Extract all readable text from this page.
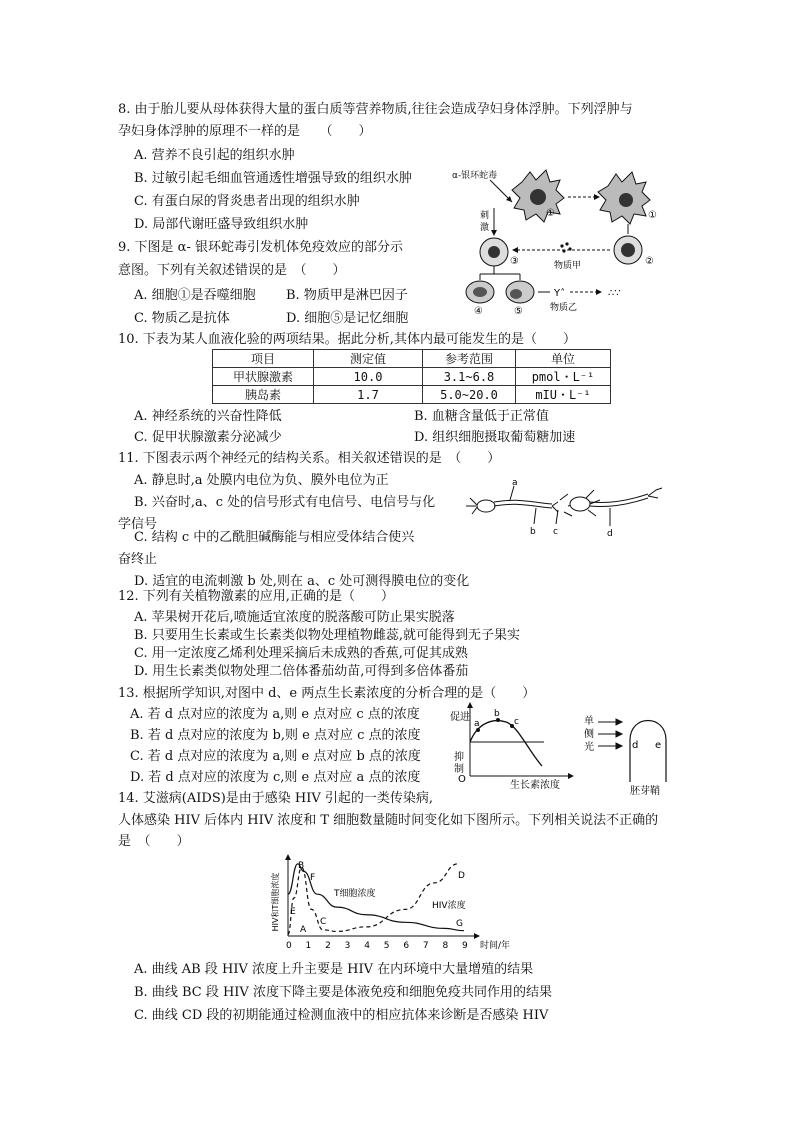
8. 由于胎儿要从母体获得大量的蛋白质等营养物质,往往会造成孕妇身体浮肿。下列浮肿与
孕妇身体浮肿的原理不一样的是　　（　　）
A. 营养不良引起的组织水肿
B. 过敏引起毛细血管通透性增强导致的组织水肿
C. 有蛋白尿的肾炎患者出现的组织水肿
D. 局部代谢旺盛导致组织水肿
9. 下图是 α- 银环蛇毒引发机体免疫效应的部分示
意图。下列有关叙述错误的是　（　　）
A. 细胞①是吞噬细胞 B. 物质甲是淋巴因子
C. 物质乙是抗体	D. 细胞⑤是记忆细胞
α-银环蛇毒
①	①
②
刺
激
③	物质甲
④	⑤	物质乙
Y˄	∴∵
10. 下表为某人血液化验的两项结果。据此分析,其体内最可能发生的是（　　）
项目	测定值	参考范围	单位
甲状腺激素	10.0	3.1~6.8	pmol・L⁻¹
胰岛素	1.7	5.0~20.0	mIU・L⁻¹
A. 神经系统的兴奋性降低	B. 血糖含量低于正常值
C. 促甲状腺激素分泌减少	D. 组织细胞摄取葡萄糖加速
11. 下图表示两个神经元的结构关系。相关叙述错误的是　（　　）
A. 静息时,a 处膜内电位为负、膜外电位为正
B. 兴奋时,a、c 处的信号形式有电信号、电信号与化
学信号
C. 结构 c 中的乙酰胆碱酶能与相应受体结合使兴
奋终止
D. 适宜的电流刺激 b 处,则在 a、c 处可测得膜电位的变化
a
b c	d
12. 下列有关植物激素的应用,正确的是（　　）
A. 苹果树开花后,喷施适宜浓度的脱落酸可防止果实脱落
B. 只要用生长素或生长素类似物处理植物雌蕊,就可能得到无子果实
C. 用一定浓度乙烯利处理采摘后未成熟的香蕉,可促其成熟
D. 用生长素类似物处理二倍体番茄幼苗,可得到多倍体番茄
13. 根据所学知识,对图中 d、e 两点生长素浓度的分析合理的是（　　）
A. 若 d 点对应的浓度为 a,则 e 点对应 c 点的浓度
B. 若 d 点对应的浓度为 b,则 e 点对应 c 点的浓度
C. 若 d 点对应的浓度为 a,则 e 点对应 b 点的浓度
D. 若 d 点对应的浓度为 c,则 e 点对应 a 点的浓度
促进
抑
制
O
a
b
c
生长素浓度
单
侧
光	d e
胚芽鞘
14. 艾滋病(AIDS)是由于感染 HIV 引起的一类传染病,
人体感染 HIV 后体内 HIV 浓度和 T 细胞数量随时间变化如下图所示。下列相关说法不正确的
是　（　　）
HIV和T细胞浓度
0 1 2 3 4 5 6 7 8 9 时间/年
T细胞浓度
HIV浓度
A
B
C
D
E
F
G
A. 曲线 AB 段 HIV 浓度上升主要是 HIV 在内环境中大量增殖的结果
B. 曲线 BC 段 HIV 浓度下降主要是体液免疫和细胞免疫共同作用的结果
C. 曲线 CD 段的初期能通过检测血液中的相应抗体来诊断是否感染 HIV
